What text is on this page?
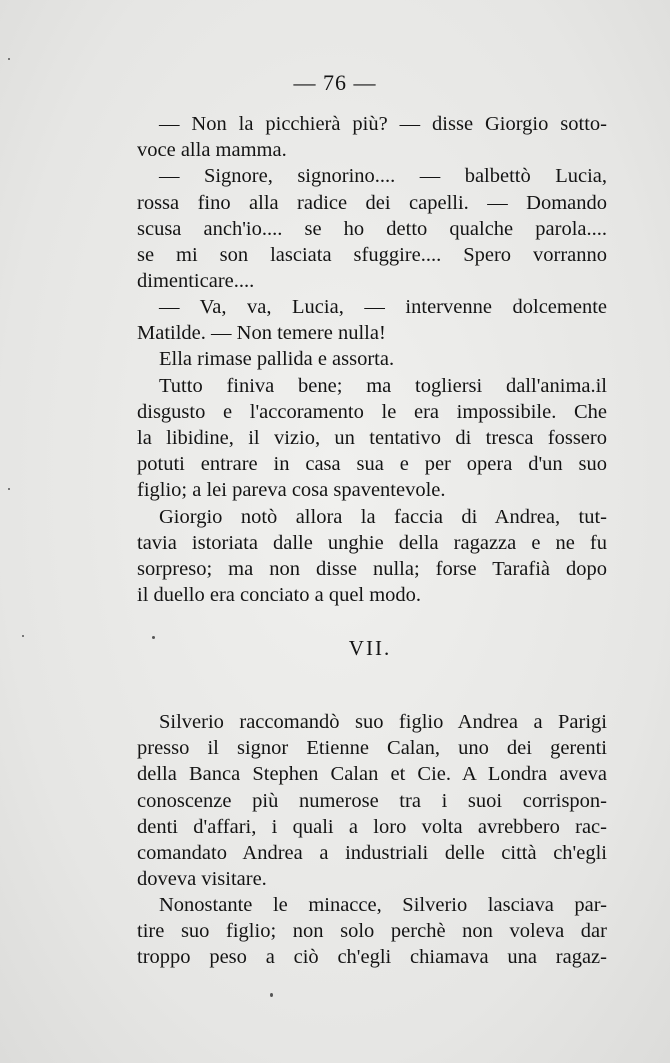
— 76 —
— Non la picchierà più? — disse Giorgio sotto-
voce alla mamma.
— Signore, signorino.... — balbettò Lucia,
rossa fino alla radice dei capelli. — Domando
scusa anch'io.... se ho detto qualche parola....
se mi son lasciata sfuggire.... Spero vorranno
dimenticare....
— Va, va, Lucia, — intervenne dolcemente
Matilde. — Non temere nulla!
Ella rimase pallida e assorta.
Tutto finiva bene; ma togliersi dall'anima.il
disgusto e l'accoramento le era impossibile. Che
la libidine, il vizio, un tentativo di tresca fossero
potuti entrare in casa sua e per opera d'un suo
figlio; a lei pareva cosa spaventevole.
Giorgio notò allora la faccia di Andrea, tut-
tavia istoriata dalle unghie della ragazza e ne fu
sorpreso; ma non disse nulla; forse Tarafià dopo
il duello era conciato a quel modo.
VII.
Silverio raccomandò suo figlio Andrea a Parigi
presso il signor Etienne Calan, uno dei gerenti
della Banca Stephen Calan et Cie. A Londra aveva
conoscenze più numerose tra i suoi corrispon-
denti d'affari, i quali a loro volta avrebbero rac-
comandato Andrea a industriali delle città ch'egli
doveva visitare.
Nonostante le minacce, Silverio lasciava par-
tire suo figlio; non solo perchè non voleva dar
troppo peso a ciò ch'egli chiamava una ragaz-
